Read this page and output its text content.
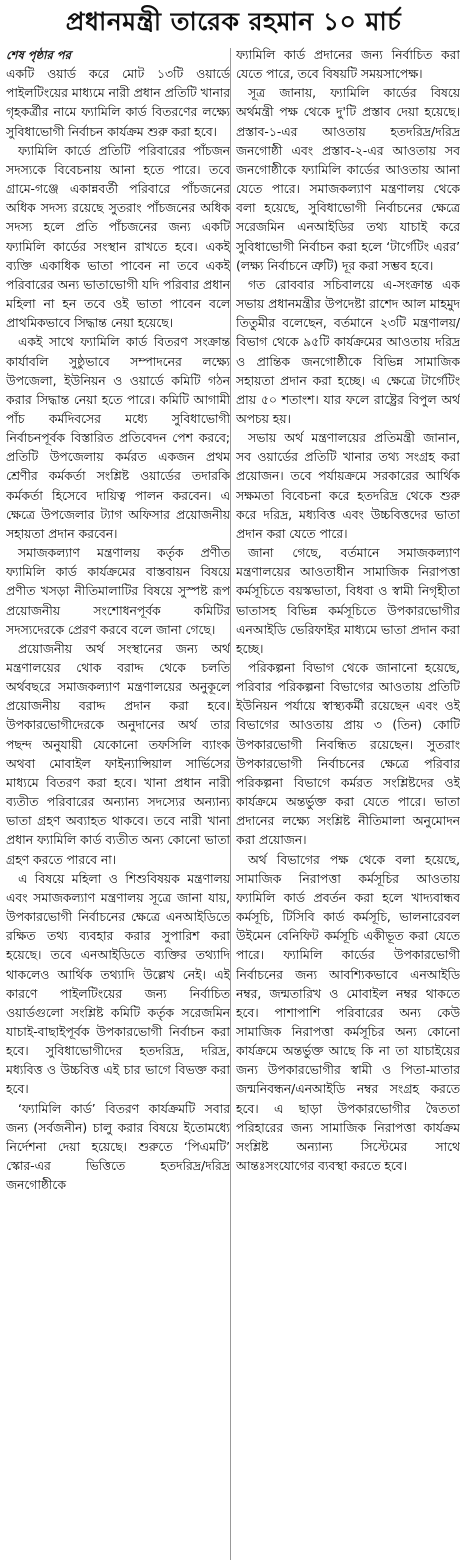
প্রধানমন্ত্রী তারেক রহমান ১০ মার্চ

শেষ পৃষ্ঠার পর

একটি ওয়ার্ড করে মোট ১৩টি ওয়ার্ডে পাইলটিংয়ের মাধ্যমে নারী প্রধান প্রতিটি খানার গৃহকর্ত্রীর নামে ফ্যামিলি কার্ড বিতরণের লক্ষ্যে সুবিধাভোগী নির্বাচন কার্যক্রম শুরু করা হবে।

ফ্যামিলি কার্ডে প্রতিটি পরিবারের পাঁচজন সদস্যকে বিবেচনায় আনা হতে পারে। তবে গ্রামে-গঞ্জে একান্নবর্তী পরিবারে পাঁচজনের অধিক সদস্য রয়েছে সুতরাং পাঁচজনের অধিক সদস্য হলে প্রতি পাঁচজনের জন্য একটি ফ্যামিলি কার্ডের সংস্থান রাখতে হবে। একই ব্যক্তি একাধিক ভাতা পাবেন না তবে একই পরিবারের অন্য ভাতাভোগী যদি পরিবার প্রধান মহিলা না হন তবে ওই ভাতা পাবেন বলে প্রাথমিকভাবে সিদ্ধান্ত নেয়া হয়েছে।

একই সাথে ফ্যামিলি কার্ড বিতরণ সংক্রান্ত কার্যাবলি সুষ্ঠুভাবে সম্পাদনের লক্ষ্যে উপজেলা, ইউনিয়ন ও ওয়ার্ডে কমিটি গঠন করার সিদ্ধান্ত নেয়া হতে পারে। কমিটি আগামী পাঁচ কর্মদিবসের মধ্যে সুবিধাভোগী নির্বাচনপূর্বক বিস্তারিত প্রতিবেদন পেশ করবে; প্রতিটি উপজেলায় কর্মরত একজন প্রথম শ্রেণীর কর্মকর্তা সংশ্লিষ্ট ওয়ার্ডের তদারকি কর্মকর্তা হিসেবে দায়িত্ব পালন করবেন। এ ক্ষেত্রে উপজেলার ট্যাগ অফিসার প্রয়োজনীয় সহায়তা প্রদান করবেন।

সমাজকল্যাণ মন্ত্রণালয় কর্তৃক প্রণীত ফ্যামিলি কার্ড কার্যক্রমের বাস্তবায়ন বিষয়ে প্রণীত খসড়া নীতিমালাটির বিষয়ে সুস্পষ্ট রূপ প্রয়োজনীয় সংশোধনপূর্বক কমিটির সদস্যদেরকে প্রেরণ করবে বলে জানা গেছে।

প্রয়োজনীয় অর্থ সংস্থানের জন্য অর্থ মন্ত্রণালয়ের থোক বরাদ্দ থেকে চলতি অর্থবছরে সমাজকল্যাণ মন্ত্রণালয়ের অনুকূলে প্রয়োজনীয় বরাদ্দ প্রদান করা হবে। উপকারভোগীদেরকে অনুদানের অর্থ তার পছন্দ অনুযায়ী যেকোনো তফসিলি ব্যাংক অথবা মোবাইল ফাইন্যান্সিয়াল সার্ভিসের মাধ্যমে বিতরণ করা হবে। খানা প্রধান নারী ব্যতীত পরিবারের অন্যান্য সদস্যের অন্যান্য ভাতা গ্রহণ অব্যাহত থাকবে। তবে নারী খানা প্রধান ফ্যামিলি কার্ড ব্যতীত অন্য কোনো ভাতা গ্রহণ করতে পারবে না।

এ বিষয়ে মহিলা ও শিশুবিষয়ক মন্ত্রণালয় এবং সমাজকল্যাণ মন্ত্রণালয় সূত্রে জানা যায়, উপকারভোগী নির্বাচনের ক্ষেত্রে এনআইডিতে রক্ষিত তথ্য ব্যবহার করার সুপারিশ করা হয়েছে। তবে এনআইডিতে ব্যক্তির তথ্যাদি থাকলেও আর্থিক তথ্যাদি উল্লেখ নেই। এই কারণে পাইলটিংয়ের জন্য নির্বাচিত ওয়ার্ডগুলো সংশ্লিষ্ট কমিটি কর্তৃক সরেজমিন যাচাই-বাছাইপূর্বক উপকারভোগী নির্বাচন করা হবে। সুবিধাভোগীদের হতদরিদ্র, দরিদ্র, মধ্যবিত্ত ও উচ্চবিত্ত এই চার ভাগে বিভক্ত করা হবে।

‘ফ্যামিলি কার্ড’ বিতরণ কার্যক্রমটি সবার জন্য (সর্বজনীন) চালু করার বিষয়ে ইতোমধ্যে নির্দেশনা দেয়া হয়েছে। শুরুতে ‘পিএমটি’ স্কোর-এর ভিত্তিতে হতদরিদ্র/দরিদ্র জনগোষ্ঠীকে

ফ্যামিলি কার্ড প্রদানের জন্য নির্বাচিত করা যেতে পারে, তবে বিষয়টি সময়সাপেক্ষ।

সূত্র জানায়, ফ্যামিলি কার্ডের বিষয়ে অর্থমন্ত্রী পক্ষ থেকে দু'টি প্রস্তাব দেয়া হয়েছে। প্রস্তাব-১-এর আওতায় হতদরিদ্র/দরিদ্র জনগোষ্ঠী এবং প্রস্তাব-২-এর আওতায় সব জনগোষ্ঠীকে ফ্যামিলি কার্ডের আওতায় আনা যেতে পারে। সমাজকল্যাণ মন্ত্রণালয় থেকে বলা হয়েছে, সুবিধাভোগী নির্বাচনের ক্ষেত্রে সরেজমিন এনআইডির তথ্য যাচাই করে সুবিধাভোগী নির্বাচন করা হলে ‘টার্গেটিং এরর’ (লক্ষ্য নির্বাচনে ত্রুটি) দূর করা সম্ভব হবে।

গত রোববার সচিবালয়ে এ-সংক্রান্ত এক সভায় প্রধানমন্ত্রীর উপদেষ্টা রাশেদ আল মাহমুদ তিতুমীর বলেছেন, বর্তমানে ২৩টি মন্ত্রণালয়/বিভাগ থেকে ৯৫টি কার্যক্রমের আওতায় দরিদ্র ও প্রান্তিক জনগোষ্ঠীকে বিভিন্ন সামাজিক সহায়তা প্রদান করা হচ্ছে। এ ক্ষেত্রে টার্গেটিং প্রায় ৫০ শতাংশ। যার ফলে রাষ্ট্রের বিপুল অর্থ অপচয় হয়।

সভায় অর্থ মন্ত্রণালয়ের প্রতিমন্ত্রী জানান, সব ওয়ার্ডের প্রতিটি খানার তথ্য সংগ্রহ করা প্রয়োজন। তবে পর্যায়ক্রমে সরকারের আর্থিক সক্ষমতা বিবেচনা করে হতদরিদ্র থেকে শুরু করে দরিদ্র, মধ্যবিত্ত এবং উচ্চবিত্তদের ভাতা প্রদান করা যেতে পারে।

জানা গেছে, বর্তমানে সমাজকল্যাণ মন্ত্রণালয়ের আওতাধীন সামাজিক নিরাপত্তা কর্মসূচিতে বয়স্কভাতা, বিধবা ও স্বামী নিগৃহীতা ভাতাসহ বিভিন্ন কর্মসূচিতে উপকারভোগীর এনআইডি ভেরিফাইর মাধ্যমে ভাতা প্রদান করা হচ্ছে।

পরিকল্পনা বিভাগ থেকে জানানো হয়েছে, পরিবার পরিকল্পনা বিভাগের আওতায় প্রতিটি ইউনিয়ন পর্যায়ে স্বাস্থ্যকর্মী রয়েছেন এবং ওই বিভাগের আওতায় প্রায় ৩ (তিন) কোটি উপকারভোগী নিবন্ধিত রয়েছেন। সুতরাং উপকারভোগী নির্বাচনের ক্ষেত্রে পরিবার পরিকল্পনা বিভাগে কর্মরত সংশ্লিষ্টদের ওই কার্যক্রমে অন্তর্ভুক্ত করা যেতে পারে। ভাতা প্রদানের লক্ষ্যে সংশ্লিষ্ট নীতিমালা অনুমোদন করা প্রয়োজন।

অর্থ বিভাগের পক্ষ থেকে বলা হয়েছে, সামাজিক নিরাপত্তা কর্মসূচির আওতায় ফ্যামিলি কার্ড প্রবর্তন করা হলে খাদ্যবান্ধব কর্মসূচি, টিসিবি কার্ড কর্মসূচি, ভালনারেবল উইমেন বেনিফিট কর্মসূচি একীভূত করা যেতে পারে। ফ্যামিলি কার্ডের উপকারভোগী নির্বাচনের জন্য আবশ্যিকভাবে এনআইডি নম্বর, জন্মতারিখ ও মোবাইল নম্বর থাকতে হবে। পাশাপাশি পরিবারের অন্য কেউ সামাজিক নিরাপত্তা কর্মসূচির অন্য কোনো কার্যক্রমে অন্তর্ভুক্ত আছে কি না তা যাচাইয়ের জন্য উপকারভোগীর স্বামী ও পিতা-মাতার জন্মনিবন্ধন/এনআইডি নম্বর সংগ্রহ করতে হবে। এ ছাড়া উপকারভোগীর দ্বৈততা পরিহারের জন্য সামাজিক নিরাপত্তা কার্যক্রম সংশ্লিষ্ট অন্যান্য সিস্টেমের সাথে আন্তঃসংযোগের ব্যবস্থা করতে হবে।
